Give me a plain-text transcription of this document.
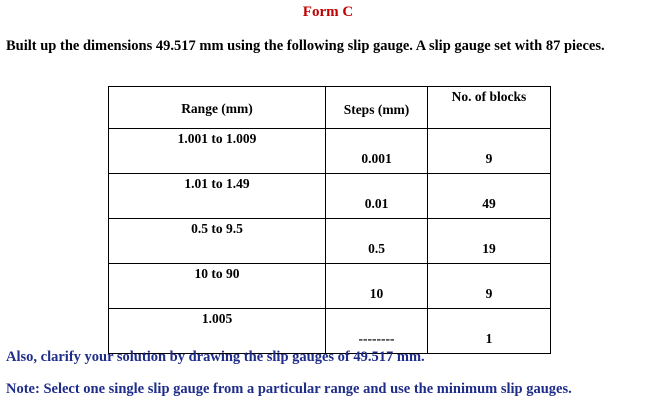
Form C
Built up the dimensions 49.517 mm using the following slip gauge. A slip gauge set with 87 pieces.
Range (mm)	Steps (mm)	No. of blocks
1.001 to 1.009	0.001	9
1.01 to 1.49	0.01	49
0.5 to 9.5	0.5	19
10 to 90	10	9
1.005	--------	1
Also, clarify your solution by drawing the slip gauges of 49.517 mm.
Note: Select one single slip gauge from a particular range and use the minimum slip gauges.
